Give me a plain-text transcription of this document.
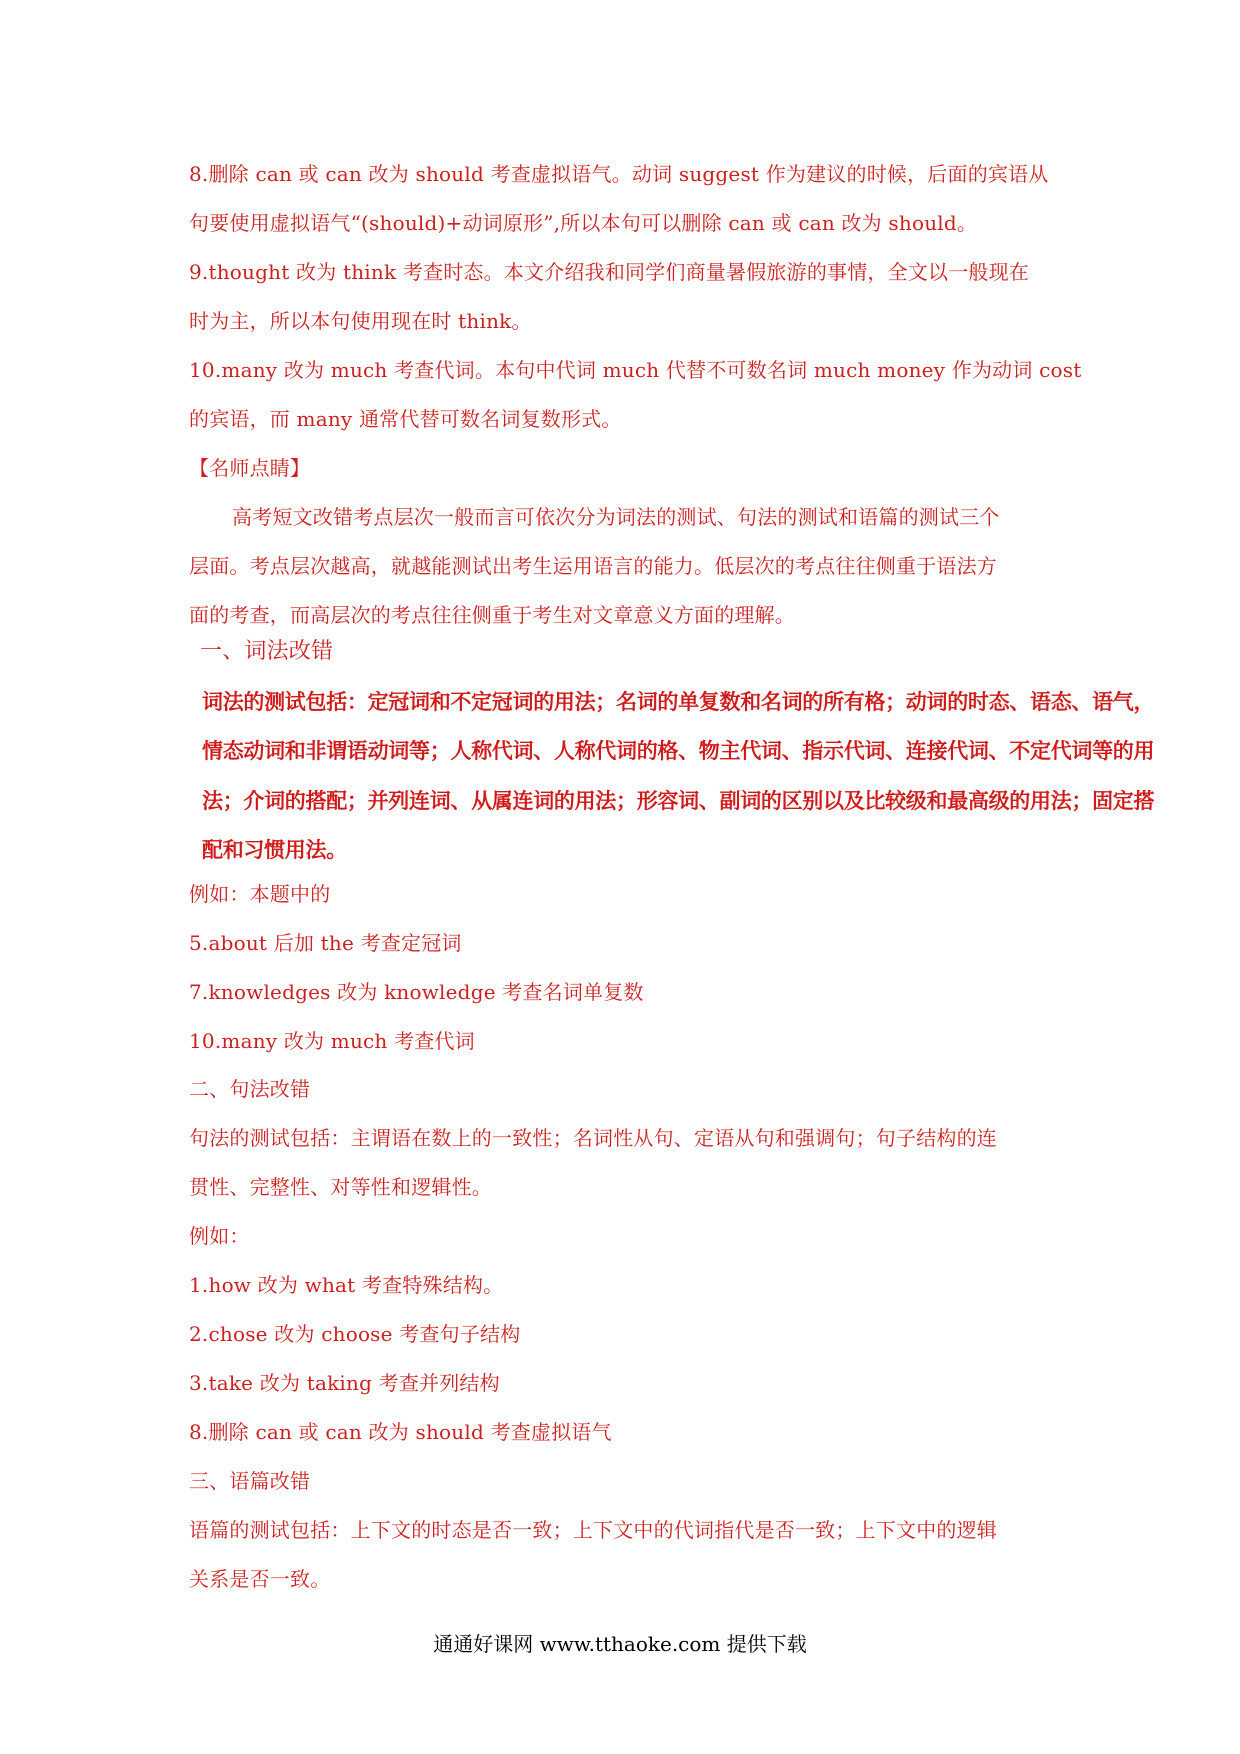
8.删除 can 或 can 改为 should 考查虚拟语气。动词 suggest 作为建议的时候，后面的宾语从
句要使用虚拟语气“(should)+动词原形”,所以本句可以删除 can 或 can 改为 should。
9.thought 改为 think 考查时态。本文介绍我和同学们商量暑假旅游的事情，全文以一般现在
时为主，所以本句使用现在时 think。
10.many 改为 much 考查代词。本句中代词 much 代替不可数名词 much money 作为动词 cost
的宾语，而 many 通常代替可数名词复数形式。
【名师点睛】
高考短文改错考点层次一般而言可依次分为词法的测试、句法的测试和语篇的测试三个
层面。考点层次越高，就越能测试出考生运用语言的能力。低层次的考点往往侧重于语法方
面的考查，而高层次的考点往往侧重于考生对文章意义方面的理解。
一、词法改错
词法的测试包括：定冠词和不定冠词的用法；名词的单复数和名词的所有格；动词的时态、语态、语气，
情态动词和非谓语动词等；人称代词、人称代词的格、物主代词、指示代词、连接代词、不定代词等的用
法；介词的搭配；并列连词、从属连词的用法；形容词、副词的区别以及比较级和最高级的用法；固定搭
配和习惯用法。
例如：本题中的
5.about 后加 the 考查定冠词
7.knowledges 改为 knowledge 考查名词单复数
10.many 改为 much 考查代词
二、句法改错
句法的测试包括：主谓语在数上的一致性；名词性从句、定语从句和强调句；句子结构的连
贯性、完整性、对等性和逻辑性。
例如：
1.how 改为 what 考查特殊结构。
2.chose 改为 choose 考查句子结构
3.take 改为 taking 考查并列结构
8.删除 can 或 can 改为 should 考查虚拟语气
三、语篇改错
语篇的测试包括：上下文的时态是否一致；上下文中的代词指代是否一致；上下文中的逻辑
关系是否一致。
通通好课网 www.tthaoke.com 提供下载
